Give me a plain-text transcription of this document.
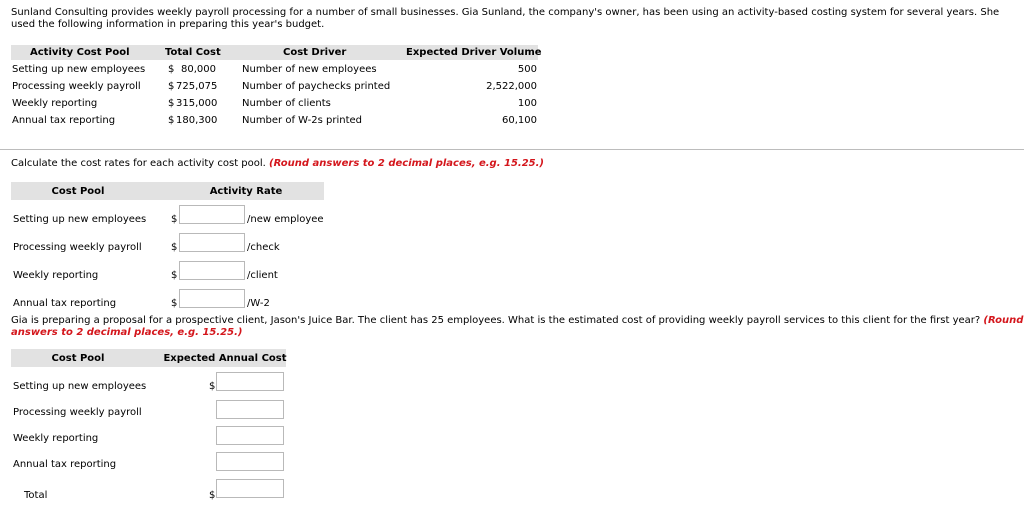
Sunland Consulting provides weekly payroll processing for a number of small businesses. Gia Sunland, the company's owner, has been using an activity-based costing system for several years. She used the following information in preparing this year's budget.
Activity Cost Pool	Total Cost	Cost Driver	Expected Driver Volume
Setting up new employees $ 80,000	Number of new employees	500
Processing weekly payroll	$ 725,075 Number of paychecks printed	2,522,000
Weekly reporting	$ 315,000 Number of clients	100
Annual tax reporting	$ 180,300 Number of W-2s printed	60,100
Calculate the cost rates for each activity cost pool. (Round answers to 2 decimal places, e.g. 15.25.)
Cost Pool	Activity Rate
Setting up new employees $	/new employee
Processing weekly payroll	$	/check
Weekly reporting	$	/client
Annual tax reporting	$	/W-2
Gia is preparing a proposal for a prospective client, Jason's Juice Bar. The client has 25 employees. What is the estimated cost of providing weekly payroll services to this client for the first year? (Round
answers to 2 decimal places, e.g. 15.25.)
Cost Pool	Expected Annual Cost
Setting up new employees	$
Processing weekly payroll
Weekly reporting
Annual tax reporting
Total	$
